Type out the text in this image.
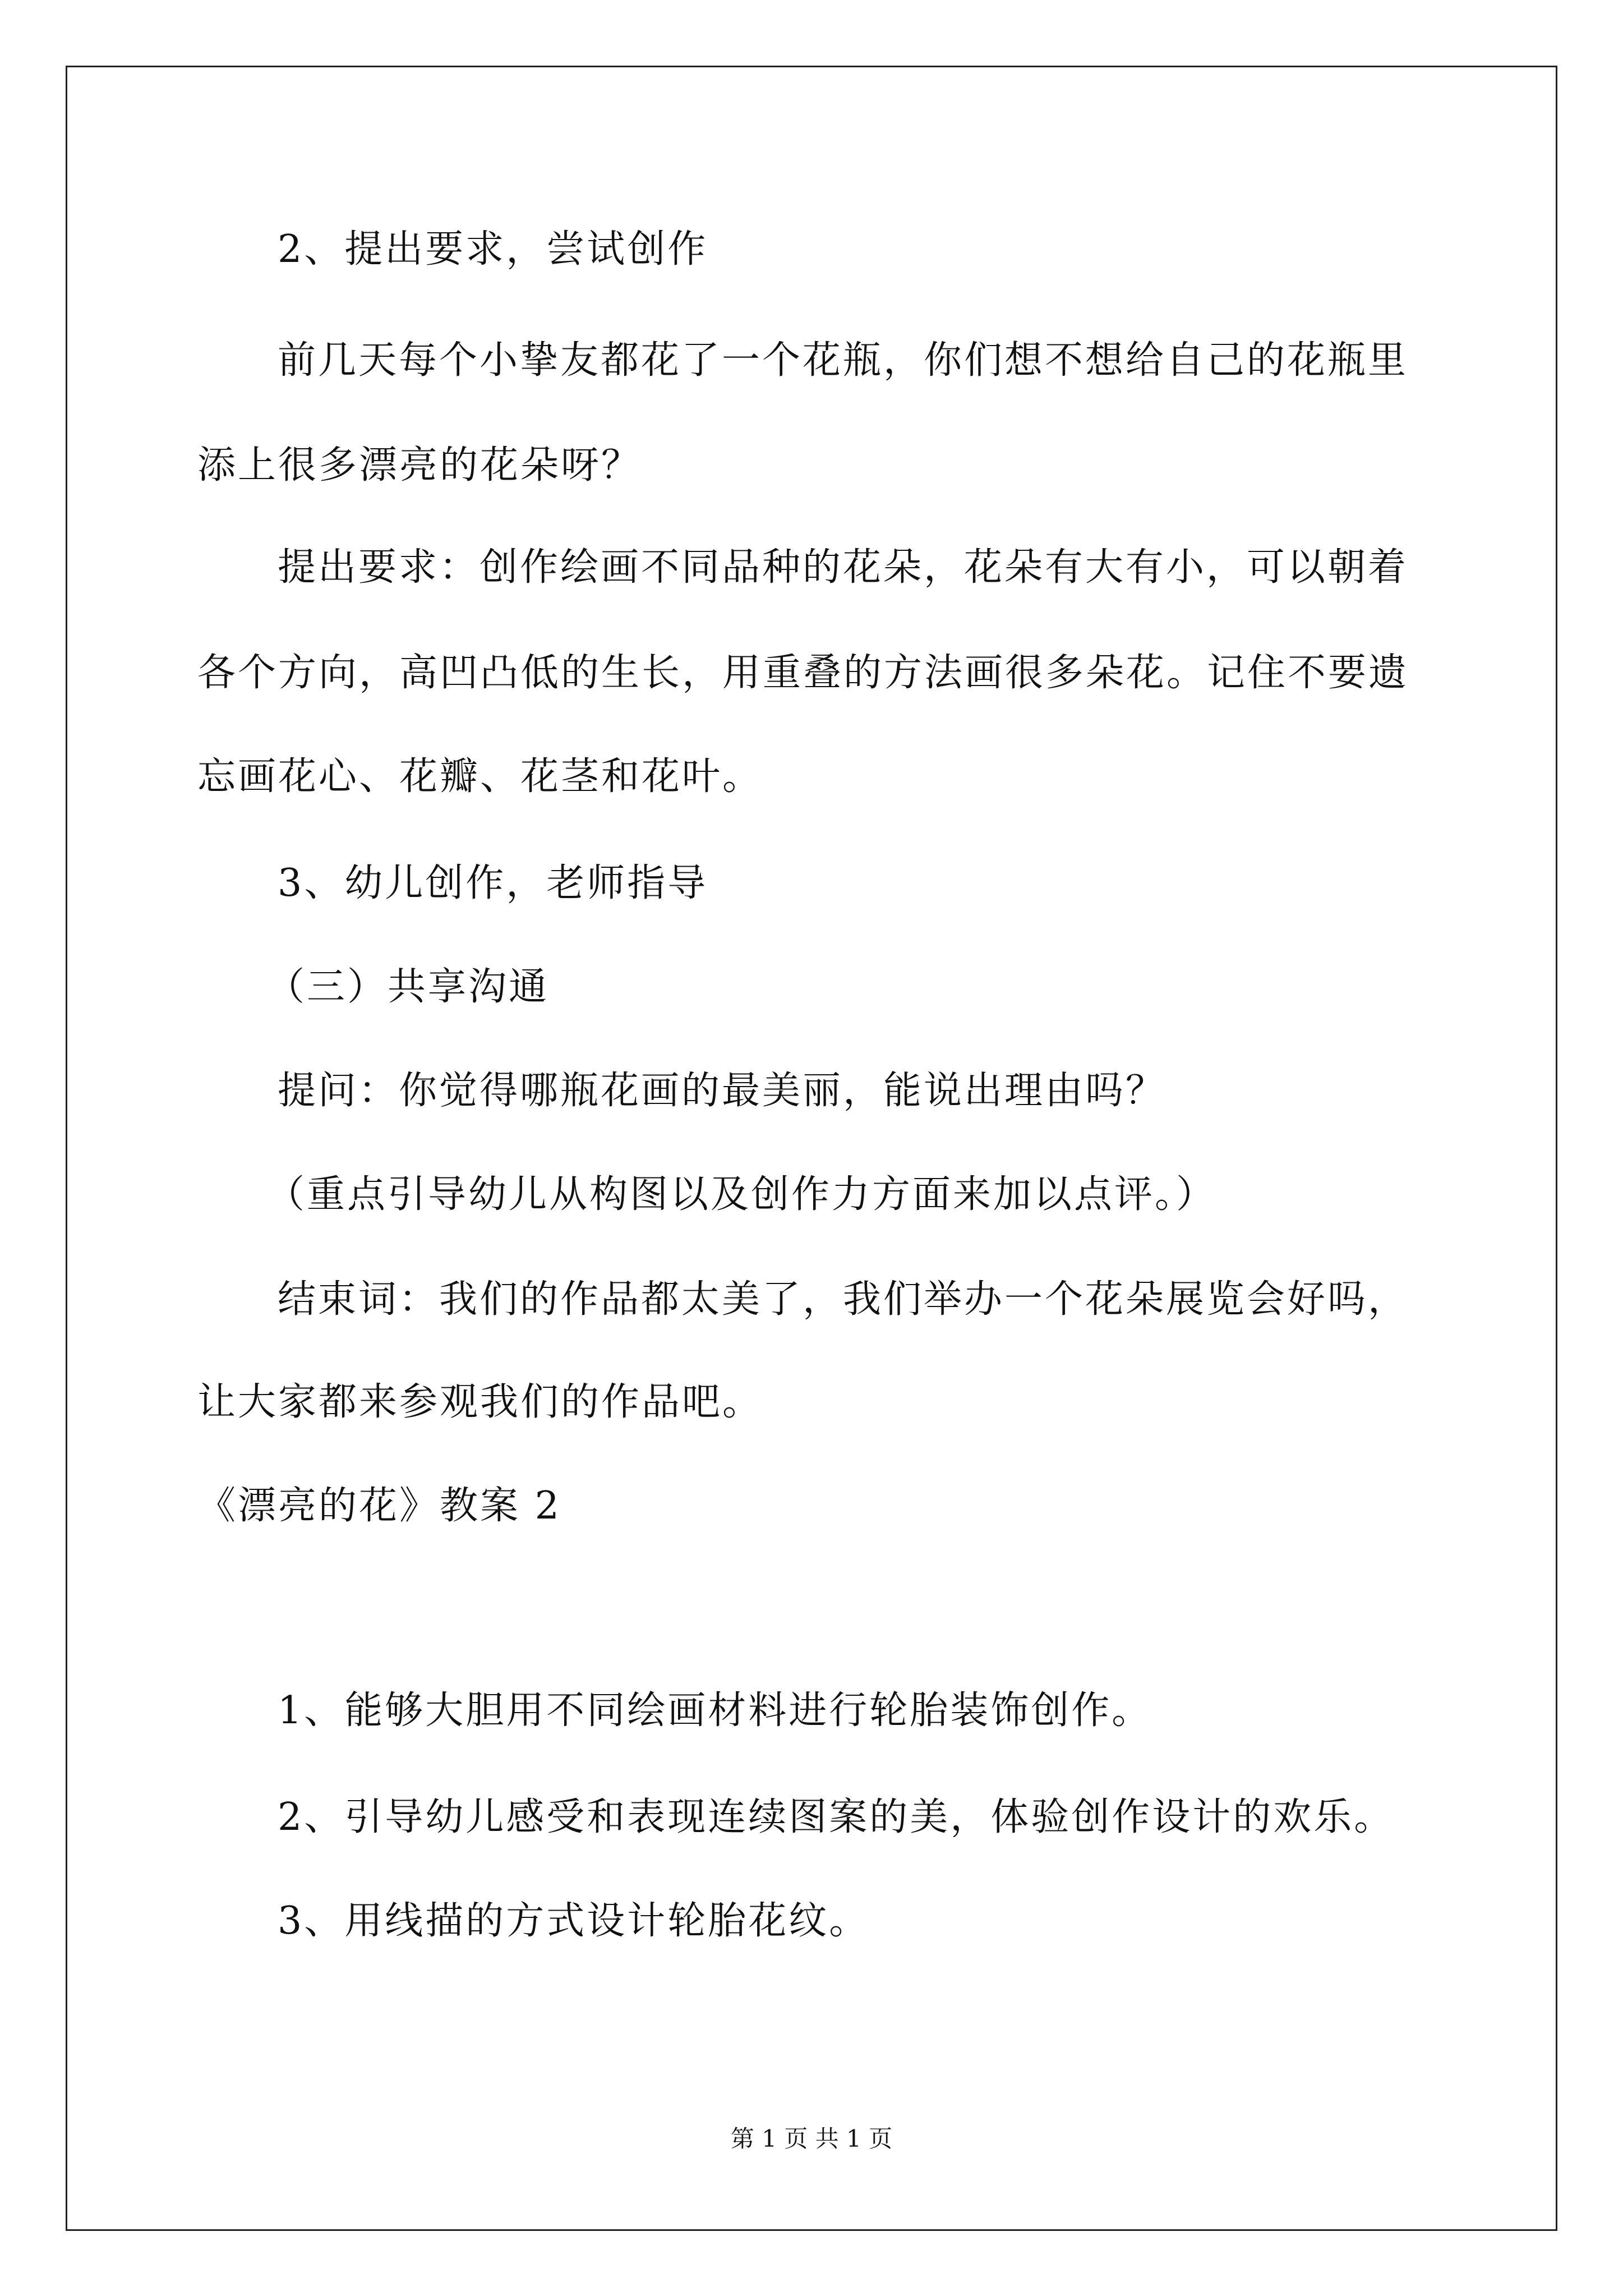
2、提出要求，尝试创作
前几天每个小挚友都花了一个花瓶，你们想不想给自己的花瓶里
添上很多漂亮的花朵呀？
提出要求：创作绘画不同品种的花朵，花朵有大有小，可以朝着
各个方向，高凹凸低的生长，用重叠的方法画很多朵花。记住不要遗
忘画花心、花瓣、花茎和花叶。
3、幼儿创作，老师指导
（三）共享沟通
提问：你觉得哪瓶花画的最美丽，能说出理由吗？
（重点引导幼儿从构图以及创作力方面来加以点评。）
结束词：我们的作品都太美了，我们举办一个花朵展览会好吗，
让大家都来参观我们的作品吧。
《漂亮的花》教案 2
1、能够大胆用不同绘画材料进行轮胎装饰创作。
2、引导幼儿感受和表现连续图案的美，体验创作设计的欢乐。
3、用线描的方式设计轮胎花纹。
第 1 页 共 1 页
